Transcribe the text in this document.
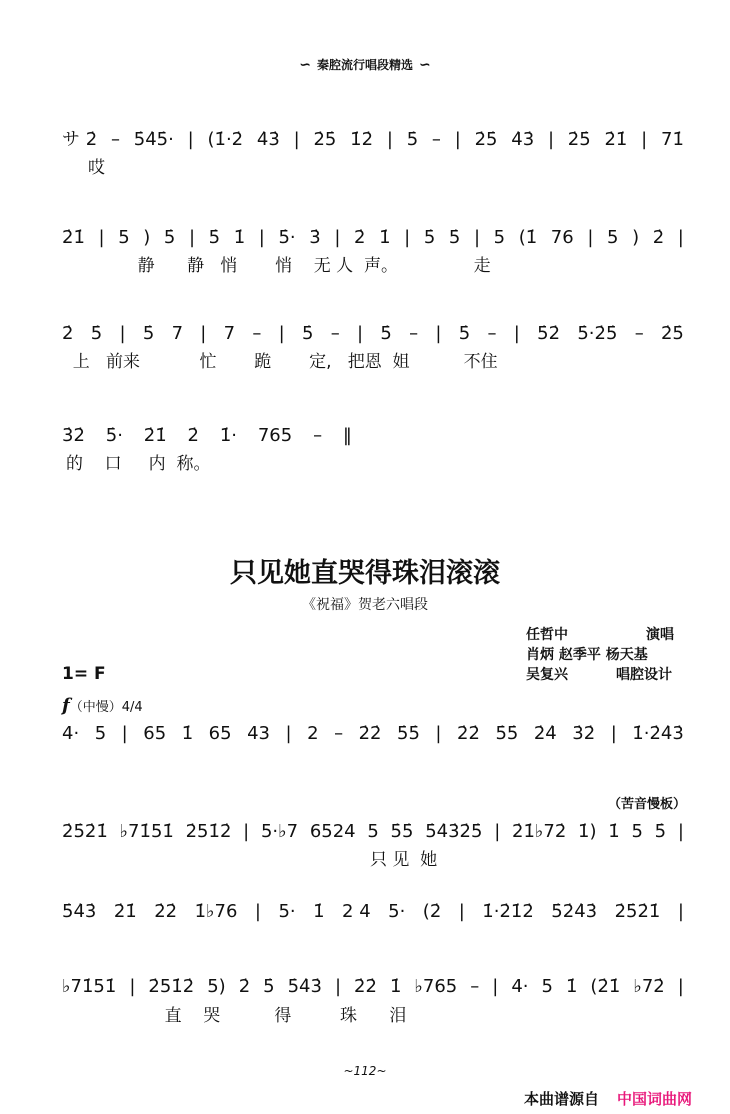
∽ 秦腔流行唱段精选 ∽
サ 2̇ – 5̇4̇5̇· | (1̇·2̇ 4̇3̇ | 2̇5̇ 1̇2̇ | 5̇ – | 2̇5̇ 4̇3̇ | 2̇5̇ 2̇1̇ | 71̇
哎
2̇1̇ | 5 ) 5̇ | 5̇ 1̇ | 5̇· 3̇ | 2̇ 1̇ | 5̇ 5̇ | 5 (1̇ 76 | 5 ) 2̇ |
静      静   悄       悄    无 人  声。              走
2̇ 5̇ | 5̇ 7 | 7 – | 5̇ – | 5̇ – | 5̇ – | 5̇2̇ 5̇·2̇5̇ – 2̇5̇
上   前来           忙       跪       定,   把恩  姐          不住
3̇2̇ 5̇· 2̇1̇ 2̇ 1̇· 765 – ‖
的    口     内  称。
只见她直哭得珠泪滚滚
《祝福》贺老六唱段
任哲中	演唱
肖炳 赵季平 杨天基
吴复兴	唱腔设计
1= F
f（中慢）4/4
4· 5 | 65 1̇ 65 43 | 2 – 2̇2̇ 5̇5̇ | 2̇2̇ 5̇5̇ 2̇4̇ 3̇2̇ | 1̇·2̇4̇3̇
（苦音慢板）
2̇5̇2̇1̇ ♭71̇51̇ 2̇51̇2̇ | 5·♭7 6524 5 5̇5̇ 5̇4̇3̇2̇5̇ | 2̇1̇♭72̇ 1̇) 1̇ 5 5̇ |
只 见  她
5̇4̇3̇ 2̇1̇ 2̇2̇ 1̇♭76 | 5· 1̇ 2 4 5· (2̇ | 1̇·2̇1̇2̇ 5̇2̇4̇3̇ 2̇5̇2̇1̇ |
♭71̇51̇ | 2̇51̇2̇ 5) 2̇ 5̇ 5̇4̇3̇ | 2̇2̇ 1̇ ♭765 – | 4· 5 1̇ (2̇1̇ ♭72̇ |
直    哭          得         珠      泪
~112~
本曲谱源自 中国词曲网
